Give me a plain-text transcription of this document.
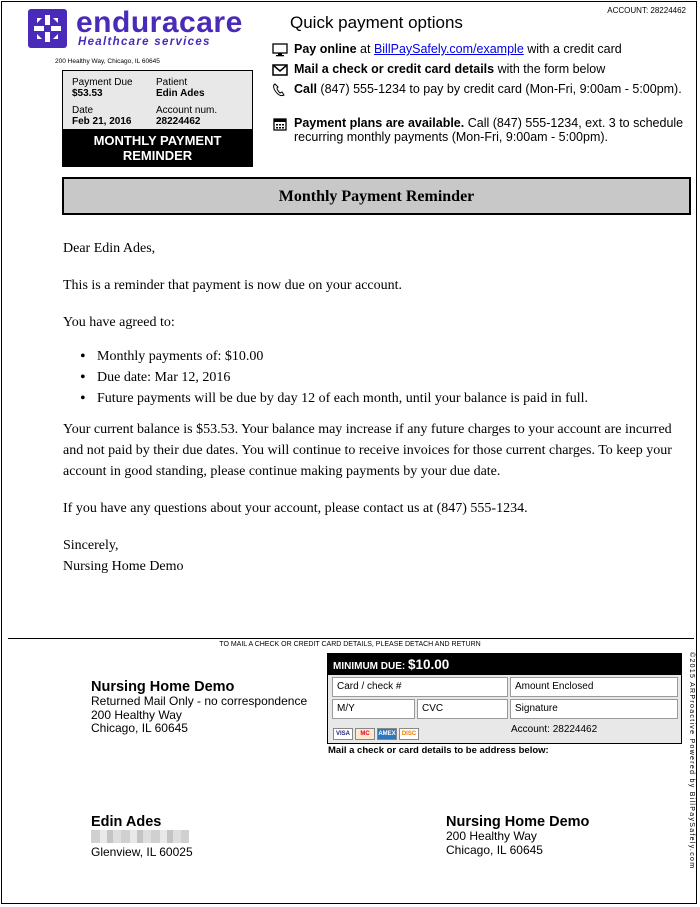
enduracare
Healthcare services
ACCOUNT: 28224462
200 Healthy Way, Chicago, IL 60645
Payment Due
$53.53
Patient
Edin Ades
Date
Feb 21, 2016
Account num.
28224462
MONTHLY PAYMENT
REMINDER
Quick payment options
Pay online at BillPaySafely.com/example with a credit card
Mail a check or credit card details with the form below
Call (847) 555-1234 to pay by credit card (Mon-Fri, 9:00am - 5:00pm).
Payment plans are available. Call (847) 555-1234, ext. 3 to schedule recurring monthly payments (Mon-Fri, 9:00am - 5:00pm).
Monthly Payment Reminder

Dear Edin Ades,

This is a reminder that payment is now due on your account.

You have agreed to:

• Monthly payments of: $10.00
• Due date: Mar 12, 2016
• Future payments will be due by day 12 of each month, until your balance is paid in full.

Your current balance is $53.53. Your balance may increase if any future charges to your account are incurred and not paid by their due dates. You will continue to receive invoices for those current charges. To keep your account in good standing, please continue making payments by your due date.

If you have any questions about your account, please contact us at (847) 555-1234.

Sincerely,
Nursing Home Demo
TO MAIL A CHECK OR CREDIT CARD DETAILS, PLEASE DETACH AND RETURN
Nursing Home Demo
Returned Mail Only - no correspondence
200 Healthy Way
Chicago, IL 60645
MINIMUM DUE: $10.00
Card / check #	Amount Enclosed
M/Y	CVC	Signature
VISA MC AMEX DISC	Account: 28224462
Mail a check or card details to be address below:	©2015 ARProactive Powered by BillPaySafely.com
Edin Ades
Glenview, IL 60025
Nursing Home Demo
200 Healthy Way
Chicago, IL 60645
